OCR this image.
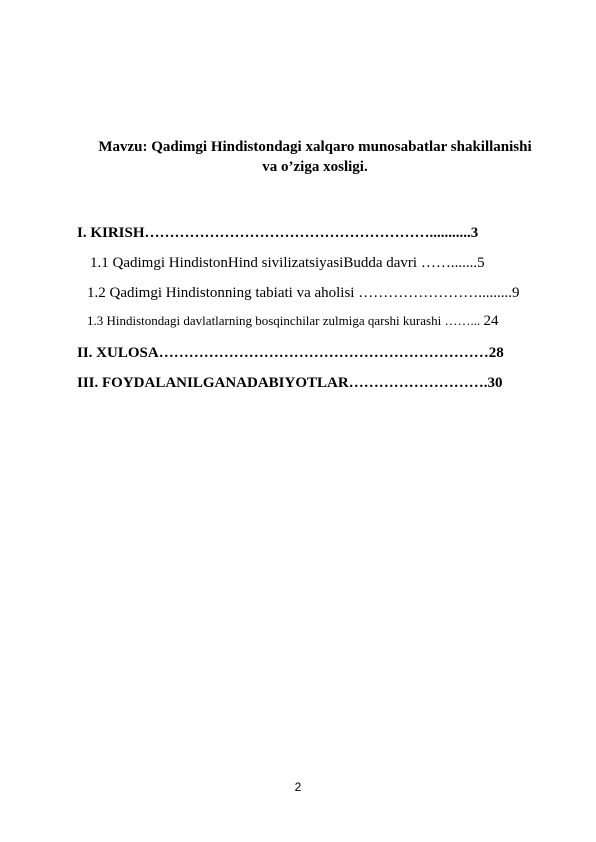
Mavzu: Qadimgi Hindistondagi xalqaro munosabatlar shakillanishi
va o’ziga xosligi.
I. KIRISH…………………………………………………...........3
1.1 Qadimgi HindistonHind sivilizatsiyasiBudda davri …….......5
1.2 Qadimgi Hindistonning tabiati va aholisi …………………….........9
1.3 Hindistondagi davlatlarning bosqinchilar zulmiga qarshi kurashi ……... 24
II. XULOSA…………………………………………………………28
III. FOYDALANILGANADABIYOTLAR……………………….30
2
